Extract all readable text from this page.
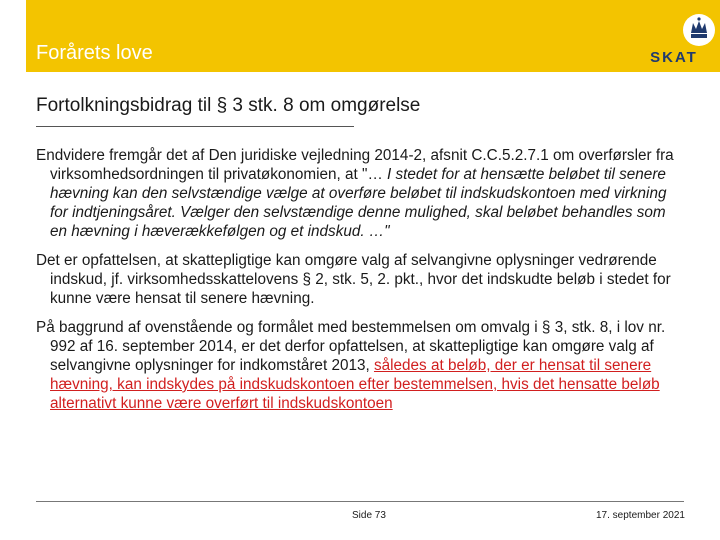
Forårets love	SKAT
Fortolkningsbidrag til § 3 stk. 8 om omgørelse

Endvidere fremgår det af Den juridiske vejledning 2014-2, afsnit C.C.5.2.7.1 om overførsler fra virksomhedsordningen til privatøkonomien, at "… I stedet for at hensætte beløbet til senere hævning kan den selvstændige vælge at overføre beløbet til indskudskontoen med virkning for indtjeningsåret. Vælger den selvstændige denne mulighed, skal beløbet behandles som en hævning i hæverækkefølgen og et indskud. …"

Det er opfattelsen, at skattepligtige kan omgøre valg af selvangivne oplysninger vedrørende indskud, jf. virksomhedsskattelovens § 2, stk. 5, 2. pkt., hvor det indskudte beløb i stedet for kunne være hensat til senere hævning.

På baggrund af ovenstående og formålet med bestemmelsen om omvalg i § 3, stk. 8, i lov nr. 992 af 16. september 2014, er det derfor opfattelsen, at skattepligtige kan omgøre valg af selvangivne oplysninger for indkomståret 2013, således at beløb, der er hensat til senere hævning, kan indskydes på indskudskontoen efter bestemmelsen, hvis det hensatte beløb alternativt kunne være overført til indskudskontoen

Side 73	17. september 2021
